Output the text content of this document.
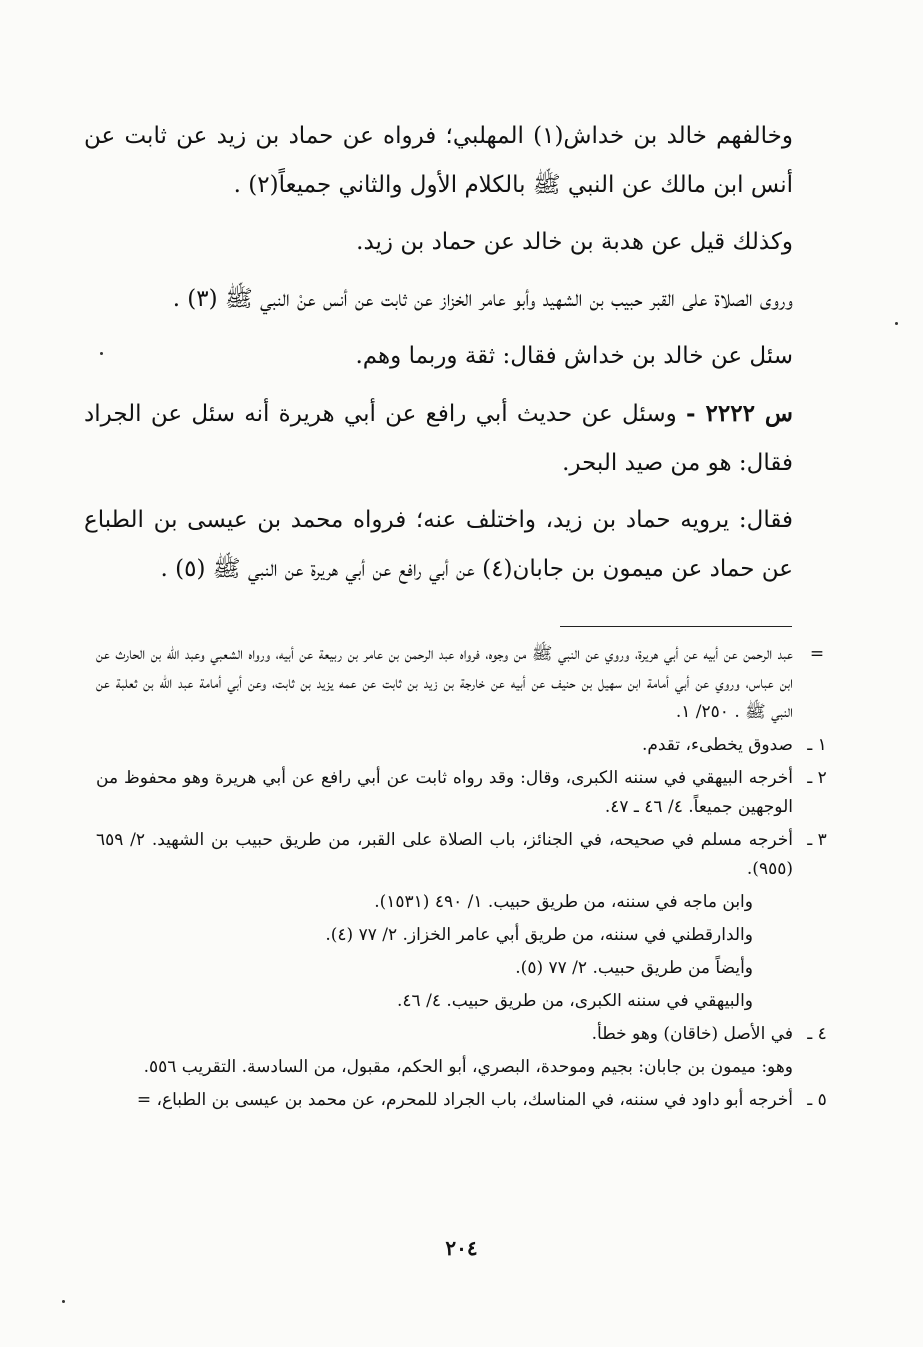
وخالفهم خالد بن خداش(١) المهلبي؛ فرواه عن حماد بن زيد عن ثابت عن أنس ابن مالك عن النبي ﷺ بالكلام الأول والثاني جميعاً(٢) .

وكذلك قيل عن هدبة بن خالد عن حماد بن زيد.

وروى الصلاة على القبر حبيب بن الشهيد وأبو عامر الخزاز عن ثابت عن أنس عنْ النبي ﷺ (٣) .

سئل عن خالد بن خداش فقال: ثقة وربما وهم.

س ٢٢٢٢ - وسئل عن حديث أبي رافع عن أبي هريرة أنه سئل عن الجراد فقال: هو من صيد البحر.

فقال: يرويه حماد بن زيد، واختلف عنه؛ فرواه محمد بن عيسى بن الطباع عن حماد عن ميمون بن جابان(٤) عن أبي رافع عن أبي هريرة عن النبي ﷺ (٥) .

=
عبد الرحمن عن أبيه عن أبي هريرة، وروي عن النبي ﷺ من وجوه، فرواه عبد الرحمن بن عامر بن ربيعة عن أبيه، ورواه الشعبي وعبد الله بن الحارث عن ابن عباس، وروي عن أبي أمامة ابن سهيل بن حنيف عن أبيه عن خارجة بن زيد بن ثابت عن عمه يزيد بن ثابت، وعن أبي أمامة عبد الله بن ثعلبة عن النبي ﷺ . ٢٥٠/ ١.

١ ـ
صدوق يخطىء، تقدم.

٢ ـ
أخرجه البيهقي في سننه الكبرى، وقال: وقد رواه ثابت عن أبي رافع عن أبي هريرة وهو محفوظ من الوجهين جميعاً. ٤/ ٤٦ ـ ٤٧.

٣ ـ
أخرجه مسلم في صحيحه، في الجنائز، باب الصلاة على القبر، من طريق حبيب بن الشهيد. ٢/ ٦٥٩ (٩٥٥).

وابن ماجه في سننه، من طريق حبيب. ١/ ٤٩٠ (١٥٣١).

والدارقطني في سننه، من طريق أبي عامر الخزاز. ٢/ ٧٧ (٤).

وأيضاً من طريق حبيب. ٢/ ٧٧ (٥).

والبيهقي في سننه الكبرى، من طريق حبيب. ٤/ ٤٦.

٤ ـ
في الأصل (خاقان) وهو خطأ.

وهو: ميمون بن جابان: بجيم وموحدة، البصري، أبو الحكم، مقبول، من السادسة. التقريب ٥٥٦.

٥ ـ
أخرجه أبو داود في سننه، في المناسك، باب الجراد للمحرم، عن محمد بن عيسى بن الطباع، =

٢٠٤
